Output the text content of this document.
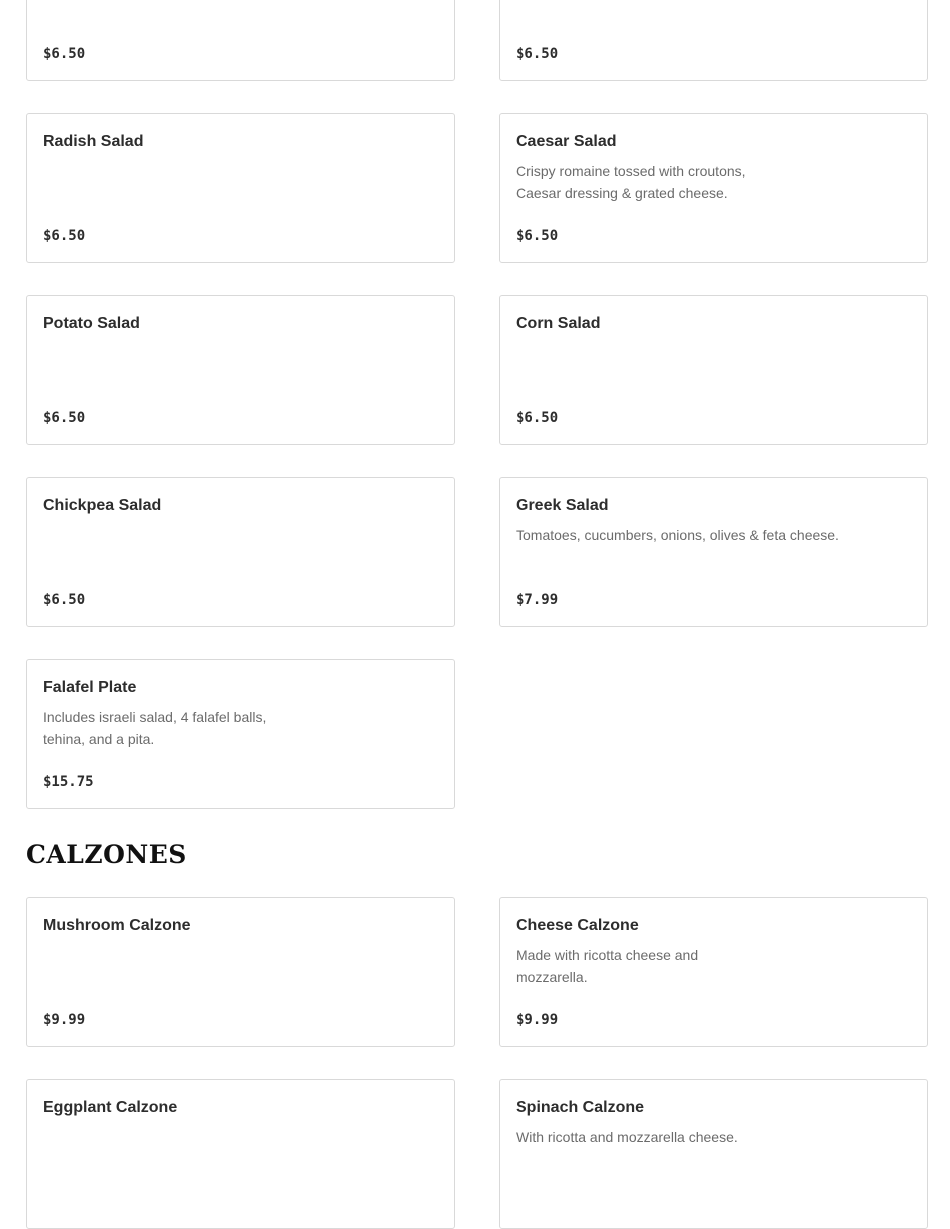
$6.50	$6.50
Radish Salad
$6.50
Caesar Salad
Crispy romaine tossed with croutons, Caesar dressing & grated cheese.
$6.50
Potato Salad
$6.50
Corn Salad
$6.50
Chickpea Salad
$6.50
Greek Salad
Tomatoes, cucumbers, onions, olives & feta cheese.
$7.99
Falafel Plate
Includes israeli salad, 4 falafel balls, tehina, and a pita.
$15.75
CALZONES
Mushroom Calzone
$9.99
Cheese Calzone
Made with ricotta cheese and mozzarella.
$9.99
Eggplant Calzone	Spinach Calzone
With ricotta and mozzarella cheese.
